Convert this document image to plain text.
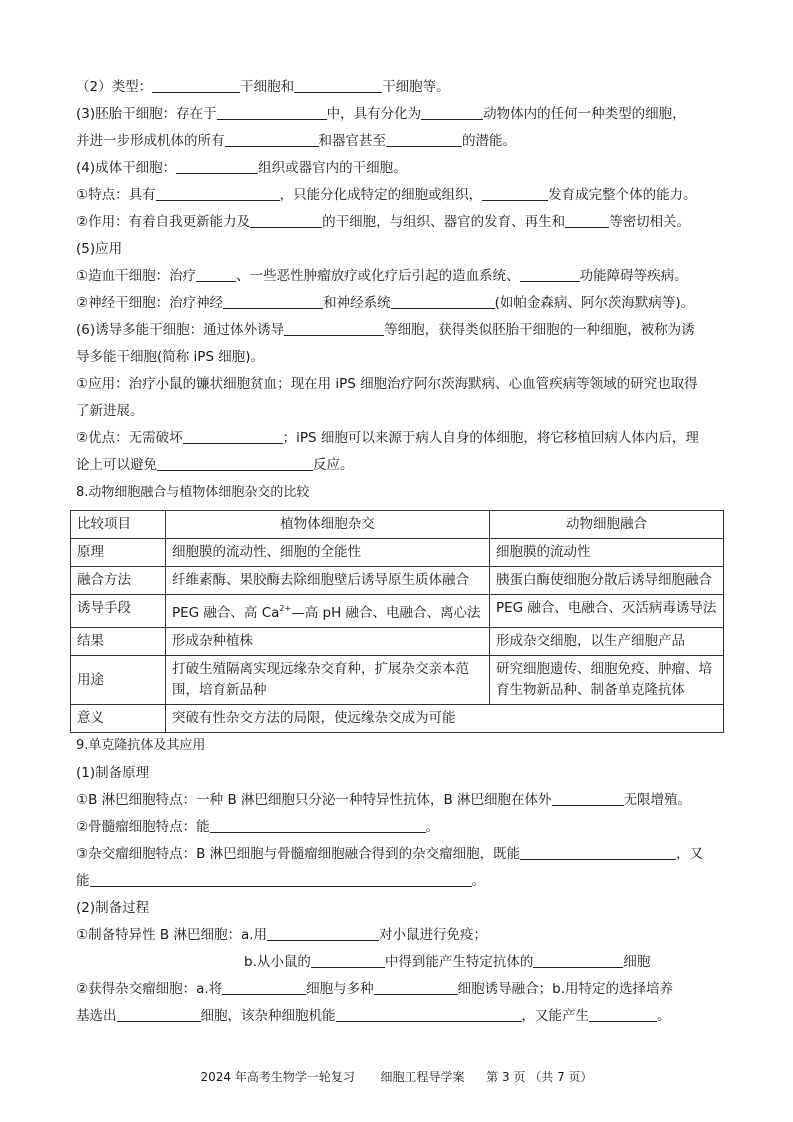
（2）类型：	干细胞和	干细胞等。
(3)胚胎干细胞：存在于	中，具有分化为	动物体内的任何一种类型的细胞，
并进一步形成机体的所有	和器官甚至	的潜能。
(4)成体干细胞：	组织或器官内的干细胞。
①特点：具有	，只能分化成特定的细胞或组织，	发育成完整个体的能力。
②作用：有着自我更新能力及	的干细胞，与组织、器官的发育、再生和	等密切相关。
(5)应用
①造血干细胞：治疗	、一些恶性肿瘤放疗或化疗后引起的造血系统、	功能障碍等疾病。
②神经干细胞：治疗神经	和神经系统	(如帕金森病、阿尔茨海默病等)。
(6)诱导多能干细胞：通过体外诱导	等细胞，获得类似胚胎干细胞的一种细胞，被称为诱
导多能干细胞(简称 iPS 细胞)。
①应用：治疗小鼠的镰状细胞贫血；现在用 iPS 细胞治疗阿尔茨海默病、心血管疾病等领域的研究也取得
了新进展。
②优点：无需破坏	；iPS 细胞可以来源于病人自身的体细胞，将它移植回病人体内后，理
论上可以避免	反应。
8.动物细胞融合与植物体细胞杂交的比较
比较项目	植物体细胞杂交	动物细胞融合
原理	细胞膜的流动性、细胞的全能性	细胞膜的流动性
融合方法	纤维素酶、果胶酶去除细胞壁后诱导原生质体融合	胰蛋白酶使细胞分散后诱导细胞融合
诱导手段	PEG 融合、高 $Ca^{2+}—$高 pH 融合、电融合、离心法	PEG 融合、电融合、灭活病毒诱导法
结果	形成杂种植株	形成杂交细胞，以生产细胞产品
用途	打破生殖隔离实现远缘杂交育种，扩展杂交亲本范围，培育新品种	研究细胞遗传、细胞免疫、肿瘤、培育生物新品种、制备单克隆抗体
意义	突破有性杂交方法的局限，使远缘杂交成为可能	
9.单克隆抗体及其应用
(1)制备原理
①B 淋巴细胞特点：一种 B 淋巴细胞只分泌一种特异性抗体，B 淋巴细胞在体外	无限增殖。
②骨髓瘤细胞特点：能	。
③杂交瘤细胞特点：B 淋巴细胞与骨髓瘤细胞融合得到的杂交瘤细胞，既能	，又
能	。
(2)制备过程
①制备特异性 B 淋巴细胞：a.用	对小鼠进行免疫；
b.从小鼠的	中得到能产生特定抗体的	细胞
②获得杂交瘤细胞：a.将	细胞与多种	细胞诱导融合；b.用特定的选择培养
基选出	细胞，该杂种细胞机能	，又能产生	。
2024 年高考生物学一轮复习 细胞工程导学案 第 3 页 （共 7 页）
